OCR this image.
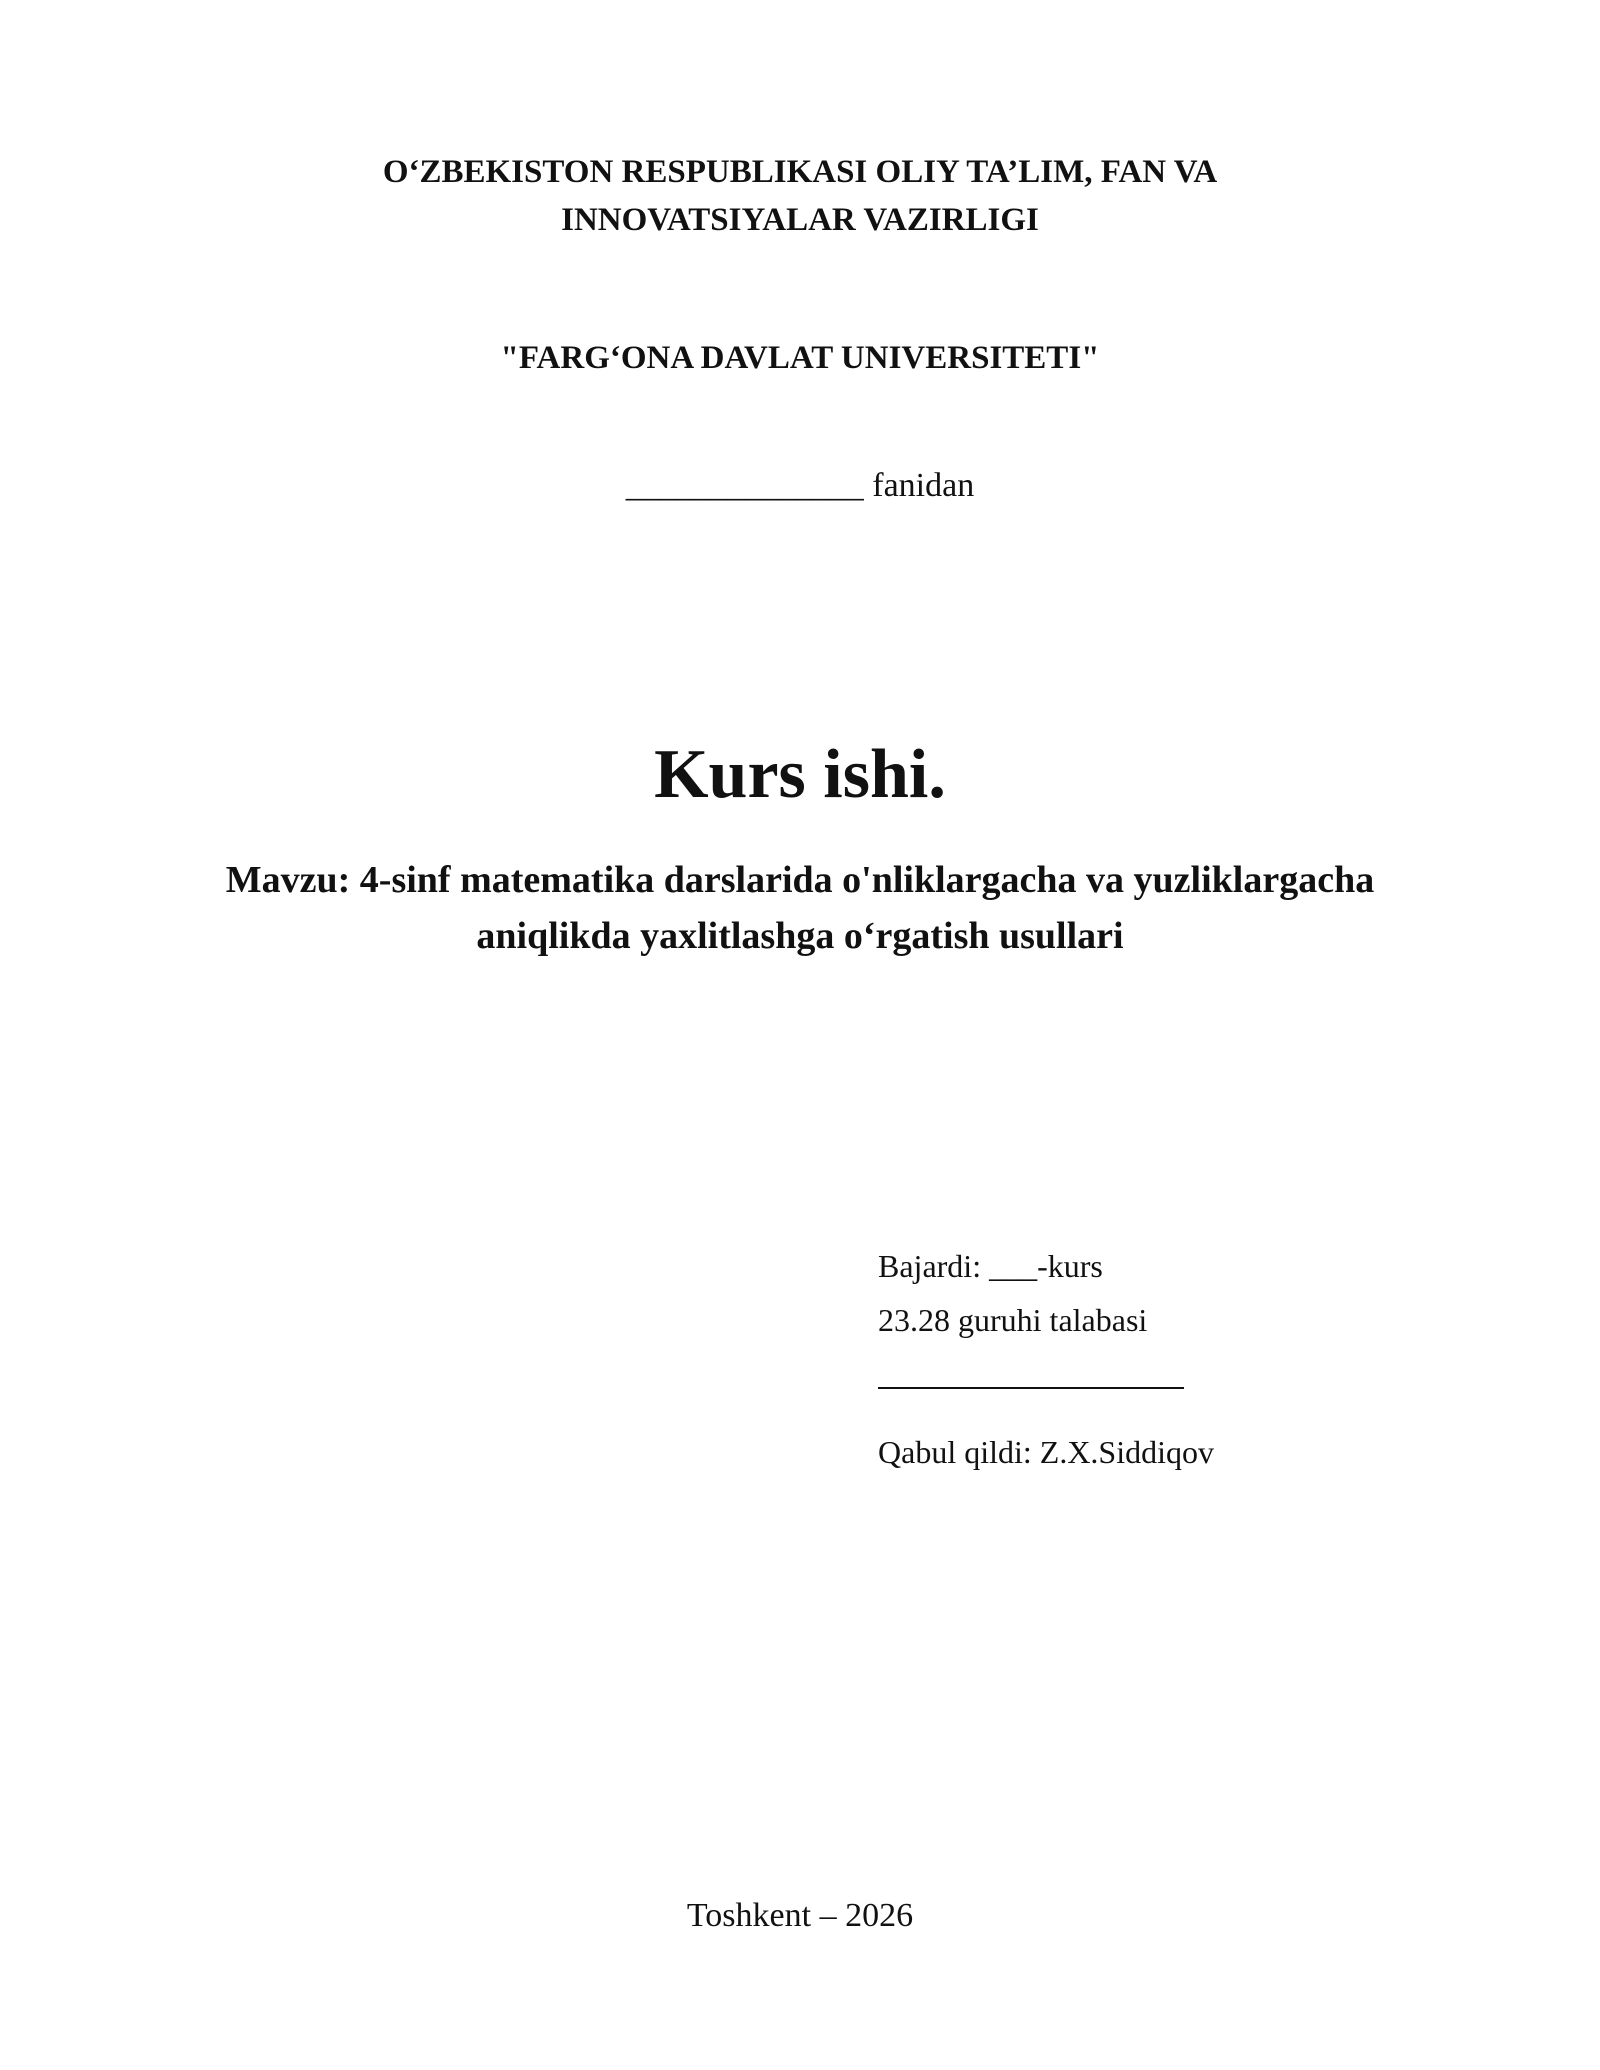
O‘ZBEKISTON RESPUBLIKASI OLIY TA’LIM, FAN VA
INNOVATSIYALAR VAZIRLIGI
"FARG‘ONA DAVLAT UNIVERSITETI"
______________ fanidan
Kurs ishi.
Mavzu: 4-sinf matematika darslarida o'nliklargacha va yuzliklargacha
aniqlikda yaxlitlashga o‘rgatish usullari
Bajardi: ___-kurs
23.28 guruhi talabasi
Qabul qildi: Z.X.Siddiqov
Toshkent – 2026
